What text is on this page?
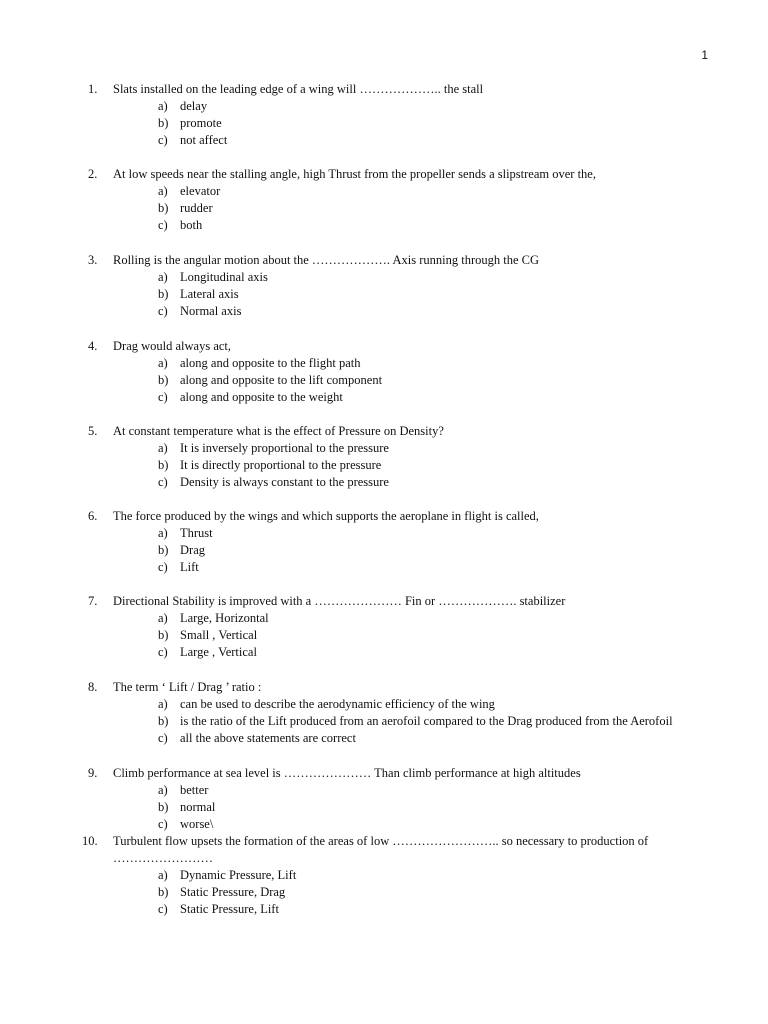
1
1.	Slats installed on the leading edge of a wing will ……………….. the stall
a) delay
b) promote
c) not affect
2.	At low speeds near the stalling angle, high Thrust from the propeller sends a slipstream over the,
a) elevator
b) rudder
c) both
3.	Rolling is the angular motion about the ………………. Axis running through the CG
a) Longitudinal axis
b) Lateral axis
c) Normal axis
4.	Drag would always act,
a) along and opposite to the flight path
b) along and opposite to the lift component
c) along and opposite to the weight
5.	At constant temperature what is the effect of Pressure on Density?
a) It is inversely proportional to the pressure
b) It is directly proportional to the pressure
c) Density is always constant to the pressure
6.	The force produced by the wings and which supports the aeroplane in flight is called,
a) Thrust
b) Drag
c) Lift
7.	Directional Stability is improved with a ………………… Fin or ………………. stabilizer
a) Large, Horizontal
b) Small , Vertical
c) Large , Vertical
8.	The term ‘ Lift / Drag ’ ratio :
a) can be used to describe the aerodynamic efficiency of the wing
b) is the ratio of the Lift produced from an aerofoil compared to the Drag produced from the Aerofoil
c) all the above statements are correct
9.	Climb performance at sea level is ………………… Than climb performance at high altitudes
a) better
b) normal
c) worse\
10.	Turbulent flow upsets the formation of the areas of low …………………….. so necessary to production of
……………………
a) Dynamic Pressure, Lift
b) Static Pressure, Drag
c) Static Pressure, Lift
